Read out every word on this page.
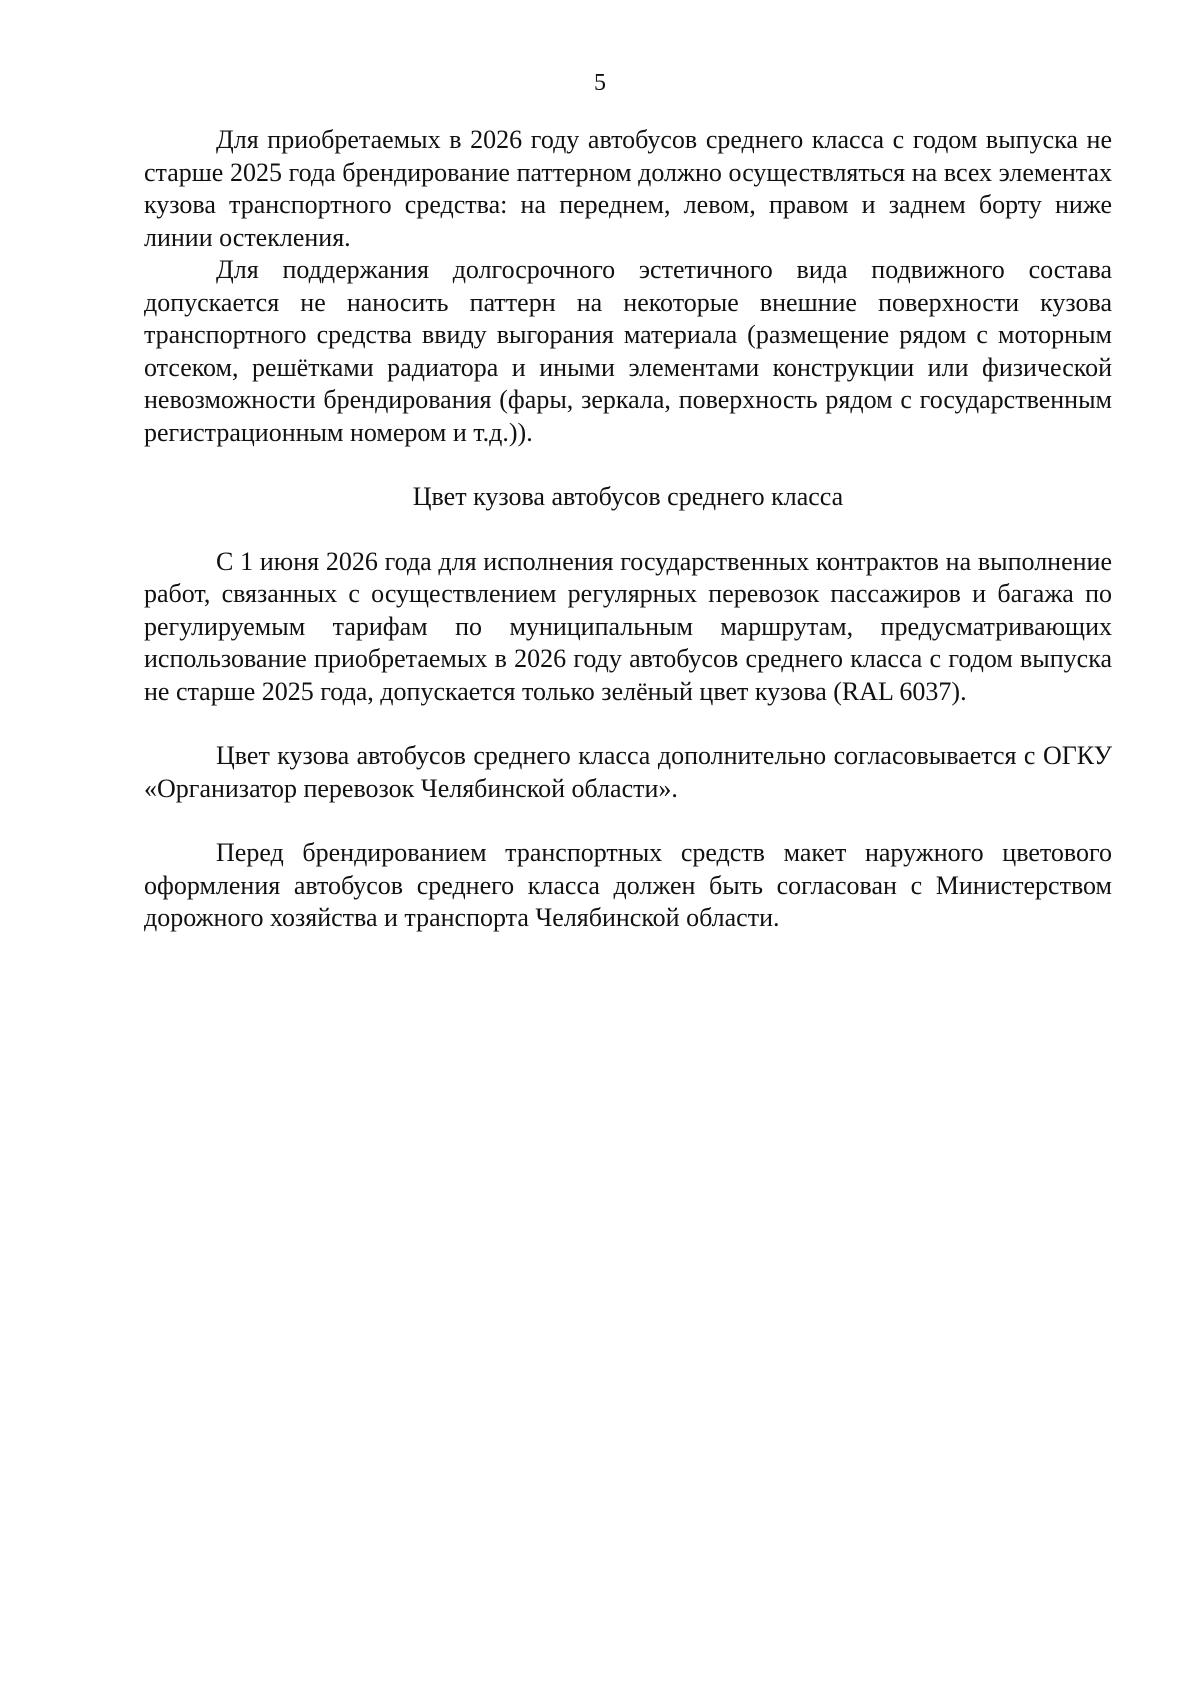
5

Для приобретаемых в 2026 году автобусов среднего класса с годом выпуска не старше 2025 года брендирование паттерном должно осуществляться на всех элементах кузова транспортного средства: на переднем, левом, правом и заднем борту ниже линии остекления.

Для поддержания долгосрочного эстетичного вида подвижного состава допускается не наносить паттерн на некоторые внешние поверхности кузова транспортного средства ввиду выгорания материала (размещение рядом с моторным отсеком, решётками радиатора и иными элементами конструкции или физической невозможности брендирования (фары, зеркала, поверхность рядом с государственным регистрационным номером и т.д.)).

Цвет кузова автобусов среднего класса

С 1 июня 2026 года для исполнения государственных контрактов на выполнение работ, связанных с осуществлением регулярных перевозок пассажиров и багажа по регулируемым тарифам по муниципальным маршрутам, предусматривающих использование приобретаемых в 2026 году автобусов среднего класса с годом выпуска не старше 2025 года, допускается только зелёный цвет кузова (RAL 6037).

Цвет кузова автобусов среднего класса дополнительно согласовывается с ОГКУ «Организатор перевозок Челябинской области».

Перед брендированием транспортных средств макет наружного цветового оформления автобусов среднего класса должен быть согласован с Министерством дорожного хозяйства и транспорта Челябинской области.
